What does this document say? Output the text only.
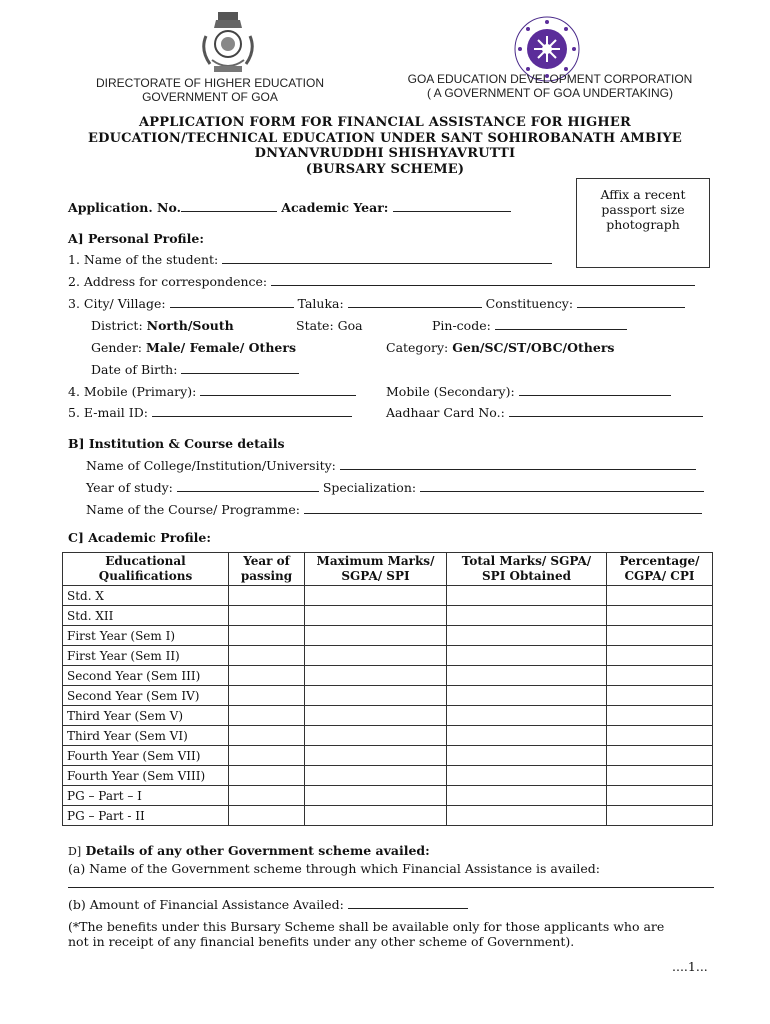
DIRECTORATE OF HIGHER EDUCATION
GOVERNMENT OF GOA
GOA EDUCATION DEVELOPMENT CORPORATION
( A GOVERNMENT OF GOA UNDERTAKING)
APPLICATION FORM FOR FINANCIAL ASSISTANCE FOR HIGHER
EDUCATION/TECHNICAL EDUCATION UNDER SANT SOHIROBANATH AMBIYE
DNYANVRUDDHI SHISHYAVRUTTI
(BURSARY SCHEME)
Affix a recent
passport size
photograph
Application. No.	Academic Year:
A] Personal Profile:
1. Name of the student:
2. Address for correspondence:
3. City/ Village:	Taluka:	Constituency:
District: North/South	State: Goa	Pin-code:
Gender: Male/ Female/ Others	Category: Gen/SC/ST/OBC/Others
Date of Birth:
4. Mobile (Primary):	Mobile (Secondary):
5. E-mail ID:	Aadhaar Card No.:
B] Institution & Course details
Name of College/Institution/University:
Year of study:	Specialization:
Name of the Course/ Programme:
C] Academic Profile:
Educational Qualifications	Year of passing	Maximum Marks/ SGPA/ SPI	Total Marks/ SGPA/ SPI Obtained	Percentage/ CGPA/ CPI
Std. X				
Std. XII				
First Year (Sem I)				
First Year (Sem II)				
Second Year (Sem III)				
Second Year (Sem IV)				
Third Year (Sem V)				
Third Year (Sem VI)				
Fourth Year (Sem VII)				
Fourth Year (Sem VIII)				
PG – Part – I				
PG – Part - II				
D] Details of any other Government scheme availed:
(a) Name of the Government scheme through which Financial Assistance is availed:
(b) Amount of Financial Assistance Availed:
(*The benefits under this Bursary Scheme shall be available only for those applicants who are
not in receipt of any financial benefits under any other scheme of Government).
....1...
